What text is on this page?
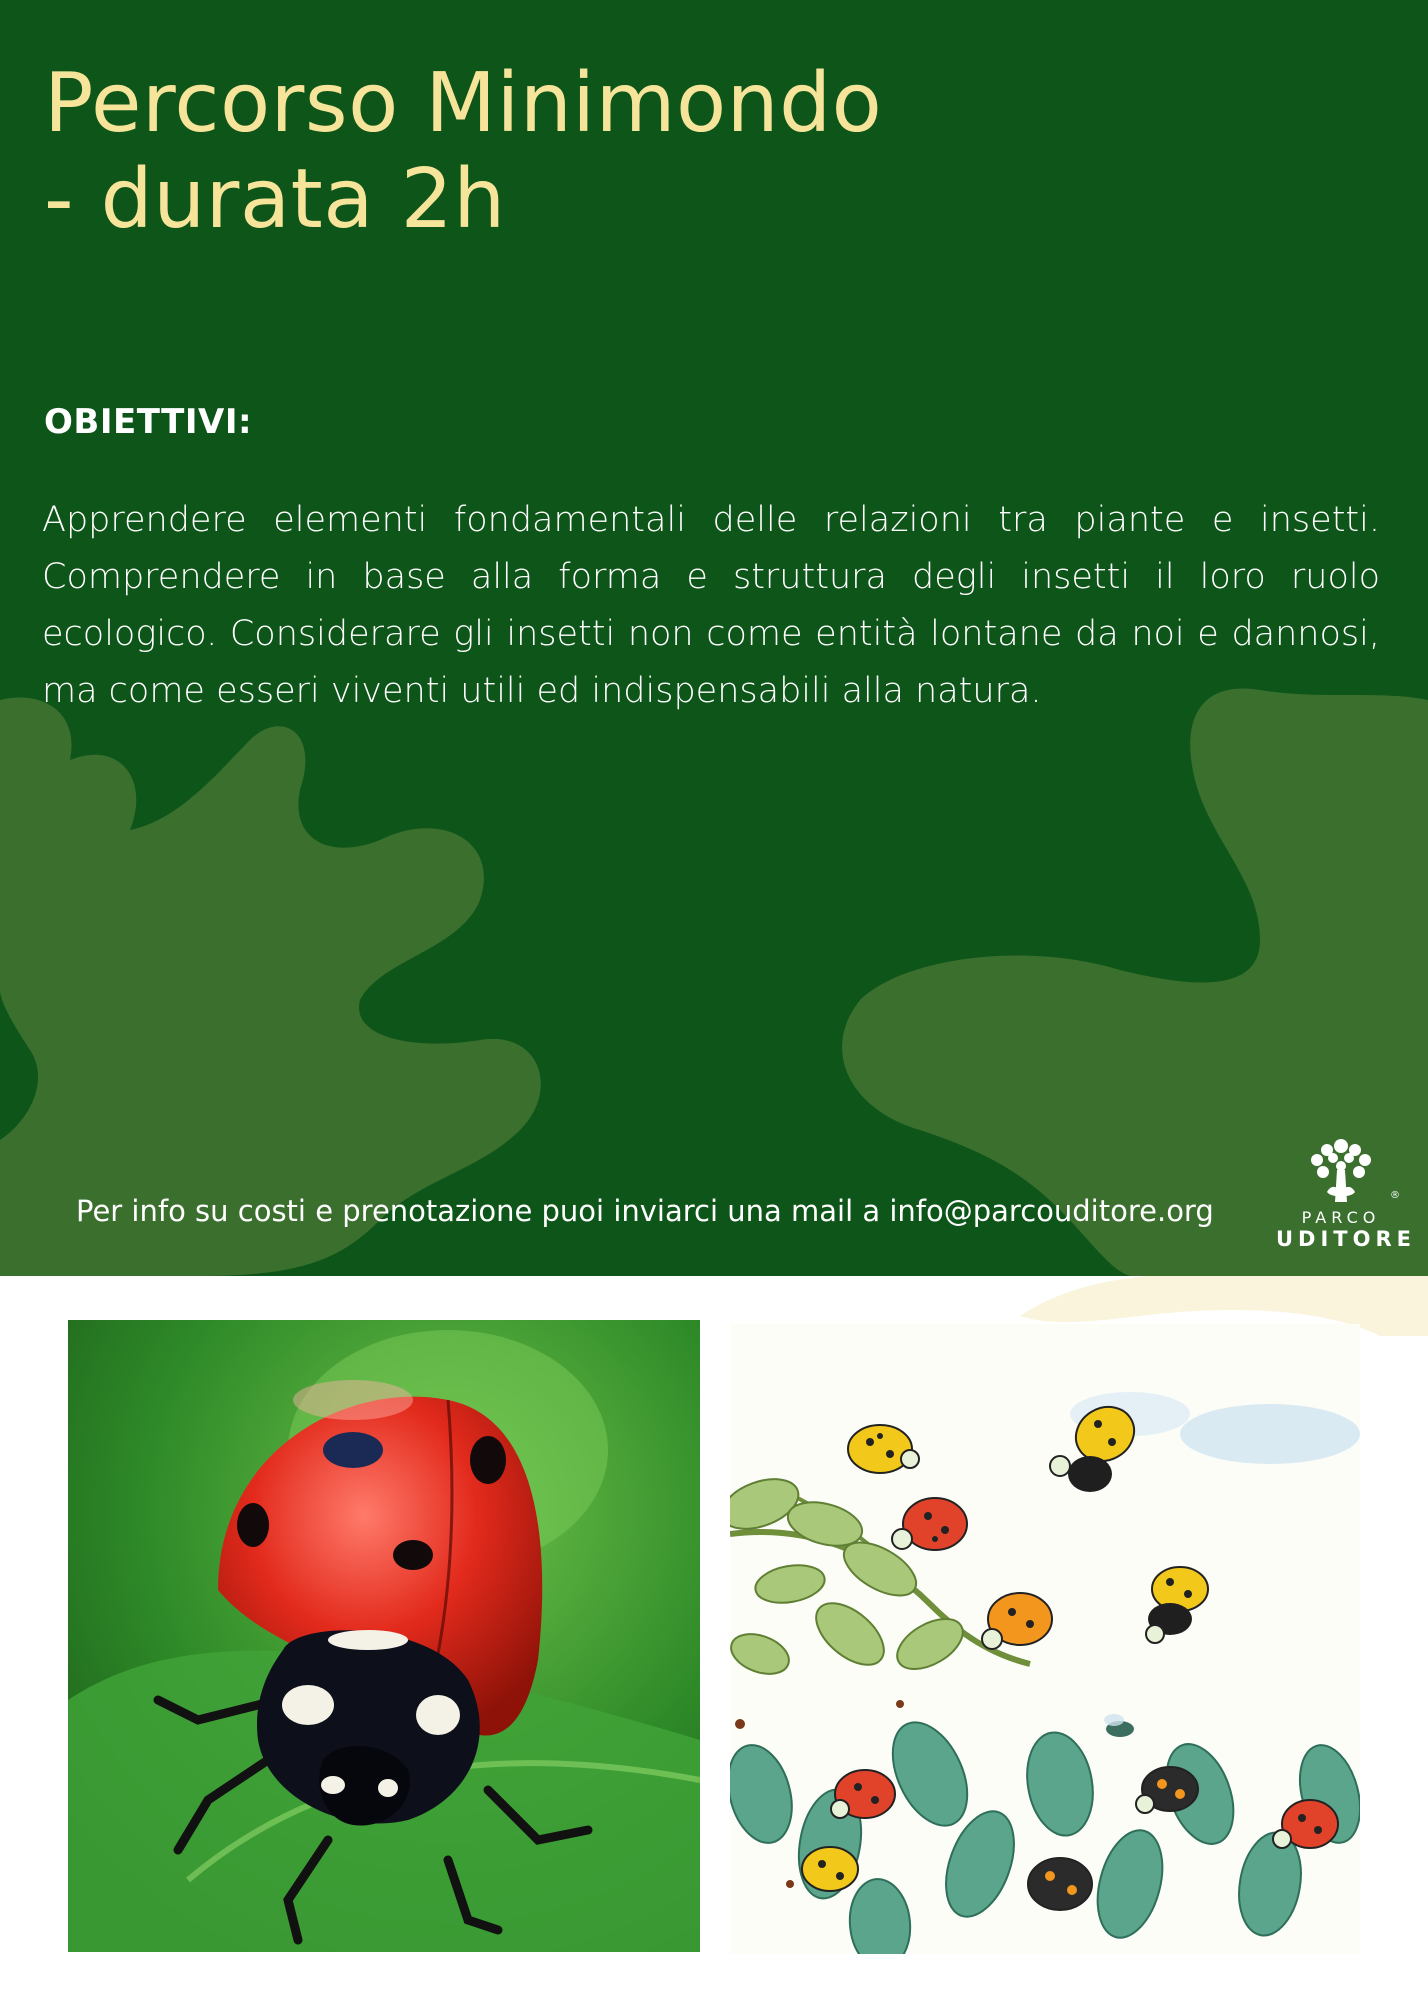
Percorso Minimondo
- durata 2h
OBIETTIVI:

Apprendere elementi fondamentali delle relazioni tra piante e insetti. Comprendere in base alla forma e struttura degli insetti il loro ruolo ecologico. Considerare gli insetti non come entità lontane da noi e dannosi, ma come esseri viventi utili ed indispensabili alla natura.

Per info su costi e prenotazione puoi inviarci una mail a info@parcouditore.org	®
PARCO
UDITORE
